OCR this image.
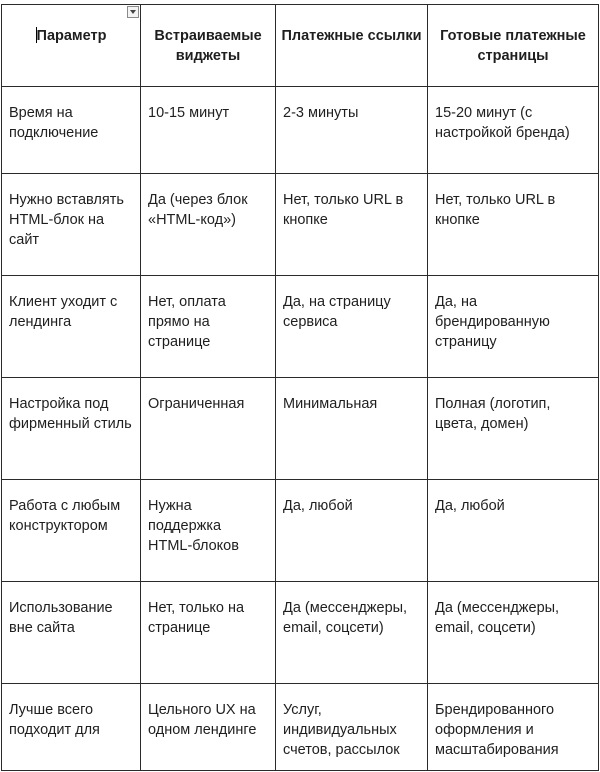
Параметр	Встраиваемые виджеты	Платежные ссылки	Готовые платежные страницы

Время на подключение	10-15 минут	2-3 минуты	15-20 минут (с настройкой бренда)

Нужно вставлять HTML-блок на сайт	Да (через блок «HTML-код»)	Нет, только URL в кнопке	Нет, только URL в кнопке

Клиент уходит с лендинга	Нет, оплата прямо на странице	Да, на страницу сервиса	Да, на брендированную страницу

Настройка под фирменный стиль	Ограниченная	Минимальная	Полная (логотип, цвета, домен)

Работа с любым конструктором	Нужна поддержка HTML-блоков	Да, любой	Да, любой

Использование вне сайта	Нет, только на странице	Да (мессенджеры, email, соцсети)	Да (мессенджеры, email, соцсети)

Лучше всего подходит для	Цельного UX на одном лендинге	Услуг, индивидуальных счетов, рассылок	Брендированного оформления и масштабирования
